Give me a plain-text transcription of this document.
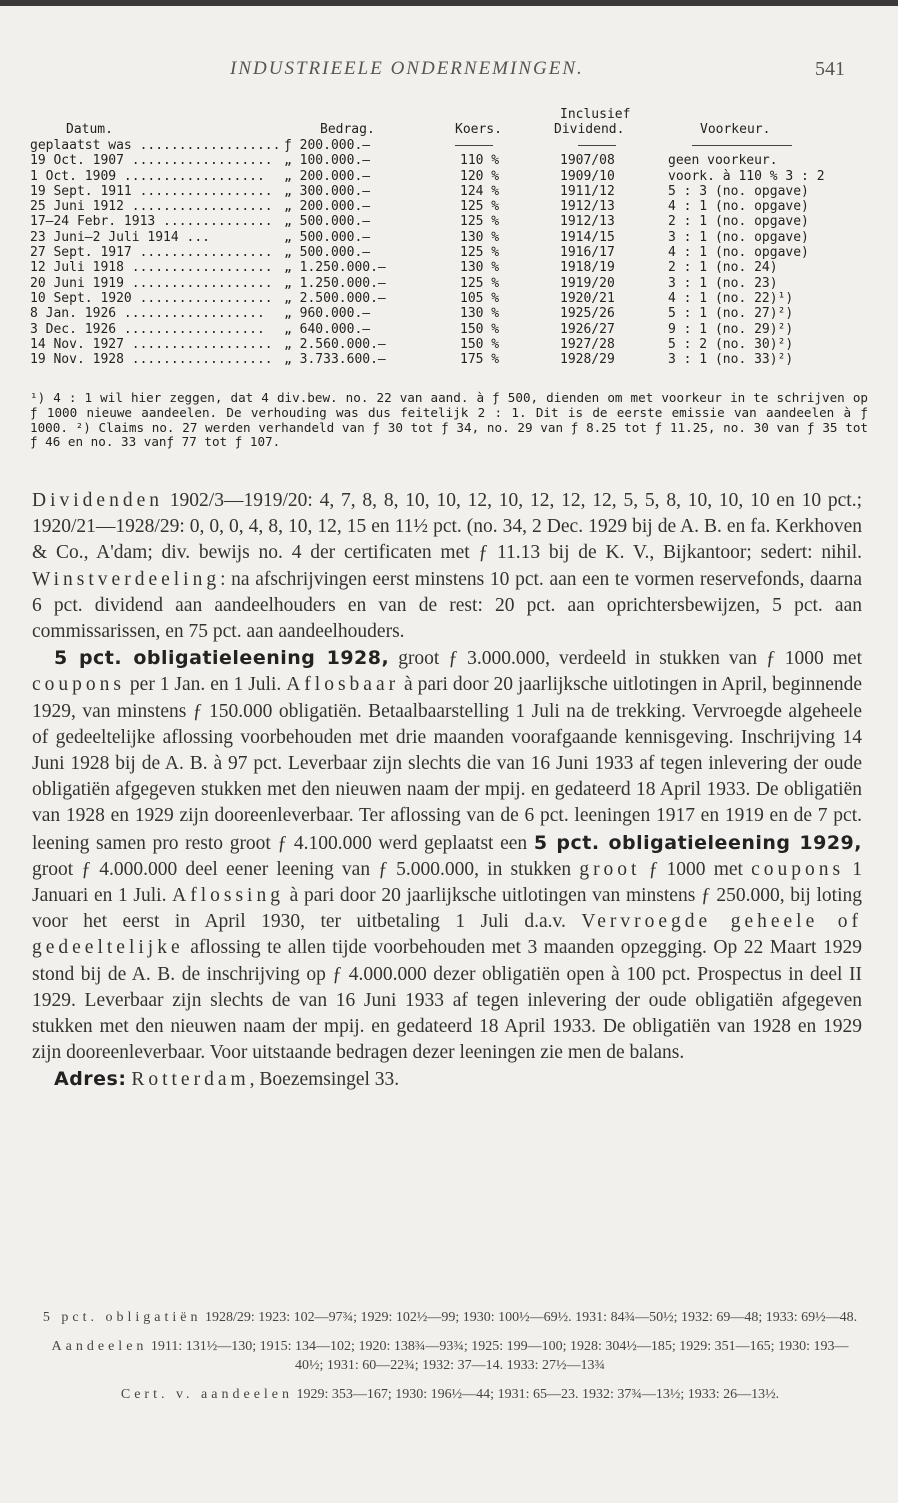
INDUSTRIEELE ONDERNEMINGEN.	541
Datum.	Bedrag.	Koers.
Inclusief
Dividend.	Voorkeur.
geplaatst was .................. ƒ 200.000.—
19 Oct. 1907 .................. „ 100.000.—	110 %	1907/08	geen voorkeur.
1 Oct. 1909 .................. „ 200.000.—	120 %	1909/10	voork. à 110 % 3 : 2
19 Sept. 1911 ................. „ 300.000.—	124 %	1911/12	5 : 3 (no. opgave)
25 Juni 1912 .................. „ 200.000.—	125 %	1912/13	4 : 1 (no. opgave)
17—24 Febr. 1913 .............. „ 500.000.—	125 %	1912/13	2 : 1 (no. opgave)
23 Juni—2 Juli 1914 ...	„ 500.000.—	130 %	1914/15	3 : 1 (no. opgave)
27 Sept. 1917 ................. „ 500.000.—	125 %	1916/17	4 : 1 (no. opgave)
12 Juli 1918 .................. „ 1.250.000.—	130 %	1918/19	2 : 1 (no. 24)
20 Juni 1919 .................. „ 1.250.000.—	125 %	1919/20	3 : 1 (no. 23)
10 Sept. 1920 ................. „ 2.500.000.—	105 %	1920/21	4 : 1 (no. 22)¹)
8 Jan. 1926 .................. „ 960.000.—	130 %	1925/26	5 : 1 (no. 27)²)
3 Dec. 1926 .................. „ 640.000.—	150 %	1926/27	9 : 1 (no. 29)²)
14 Nov. 1927 .................. „ 2.560.000.—	150 %	1927/28	5 : 2 (no. 30)²)
19 Nov. 1928 .................. „ 3.733.600.—	175 %	1928/29	3 : 1 (no. 33)²)
¹) 4 : 1 wil hier zeggen, dat 4 div.bew. no. 22 van aand. à ƒ 500, dienden om met voorkeur in te schrijven op ƒ 1000 nieuwe aandeelen. De verhouding was dus feitelijk 2 : 1. Dit is de eerste emissie van aandeelen à ƒ 1000. ²) Claims no. 27 werden verhandeld van ƒ 30 tot ƒ 34, no. 29 van ƒ 8.25 tot ƒ 11.25, no. 30 van ƒ 35 tot ƒ 46 en no. 33 vanƒ 77 tot ƒ 107.

Dividenden 1902/3—1919/20: 4, 7, 8, 8, 10, 10, 12, 10, 12, 12, 12, 5, 5, 8, 10, 10, 10 en 10 pct.; 1920/21—1928/29: 0, 0, 0, 4, 8, 10, 12, 15 en 11½ pct. (no. 34, 2 Dec. 1929 bij de A. B. en fa. Kerkhoven & Co., A'dam; div. bewijs no. 4 der certificaten met ƒ 11.13 bij de K. V., Bijkantoor; sedert: nihil. Winstverdeeling: na afschrijvingen eerst minstens 10 pct. aan een te vormen reservefonds, daarna 6 pct. dividend aan aandeelhouders en van de rest: 20 pct. aan oprichtersbewijzen, 5 pct. aan commissarissen, en 75 pct. aan aandeelhouders.

5 pct. obligatieleening 1928, groot ƒ 3.000.000, verdeeld in stukken van ƒ 1000 met coupons per 1 Jan. en 1 Juli. Aflosbaar à pari door 20 jaarlijksche uitlotingen in April, beginnende 1929, van minstens ƒ 150.000 obligatiën. Betaalbaarstelling 1 Juli na de trekking. Vervroegde algeheele of gedeeltelijke aflossing voorbehouden met drie maanden voorafgaande kennisgeving. Inschrijving 14 Juni 1928 bij de A. B. à 97 pct. Leverbaar zijn slechts die van 16 Juni 1933 af tegen inlevering der oude obligatiën afgegeven stukken met den nieuwen naam der mpij. en gedateerd 18 April 1933. De obligatiën van 1928 en 1929 zijn dooreenleverbaar. Ter aflossing van de 6 pct. leeningen 1917 en 1919 en de 7 pct. leening samen pro resto groot ƒ 4.100.000 werd geplaatst een 5 pct. obligatieleening 1929, groot ƒ 4.000.000 deel eener leening van ƒ 5.000.000, in stukken groot ƒ 1000 met coupons 1 Januari en 1 Juli. Aflossing à pari door 20 jaarlijksche uitlotingen van minstens ƒ 250.000, bij loting voor het eerst in April 1930, ter uitbetaling 1 Juli d.a.v. Vervroegde geheele of gedeeltelijke aflossing te allen tijde voorbehouden met 3 maanden opzegging. Op 22 Maart 1929 stond bij de A. B. de inschrijving op ƒ 4.000.000 dezer obligatiën open à 100 pct. Prospectus in deel II 1929. Leverbaar zijn slechts de van 16 Juni 1933 af tegen inlevering der oude obligatiën afgegeven stukken met den nieuwen naam der mpij. en gedateerd 18 April 1933. De obligatiën van 1928 en 1929 zijn dooreenleverbaar. Voor uitstaande bedragen dezer leeningen zie men de balans.

Adres: Rotterdam, Boezemsingel 33.

5 pct. obligatiën 1928/29: 1923: 102—97¾; 1929: 102½—99; 1930: 100½—69½. 1931: 84¾—50½; 1932: 69—48; 1933: 69½—48.

Aandeelen 1911: 131½—130; 1915: 134—102; 1920: 138¾—93¾; 1925: 199—100; 1928: 304½—185; 1929: 351—165; 1930: 193—40½; 1931: 60—22¾; 1932: 37—14. 1933: 27½—13¾

Cert. v. aandeelen 1929: 353—167; 1930: 196½—44; 1931: 65—23. 1932: 37¾—13½; 1933: 26—13½.
